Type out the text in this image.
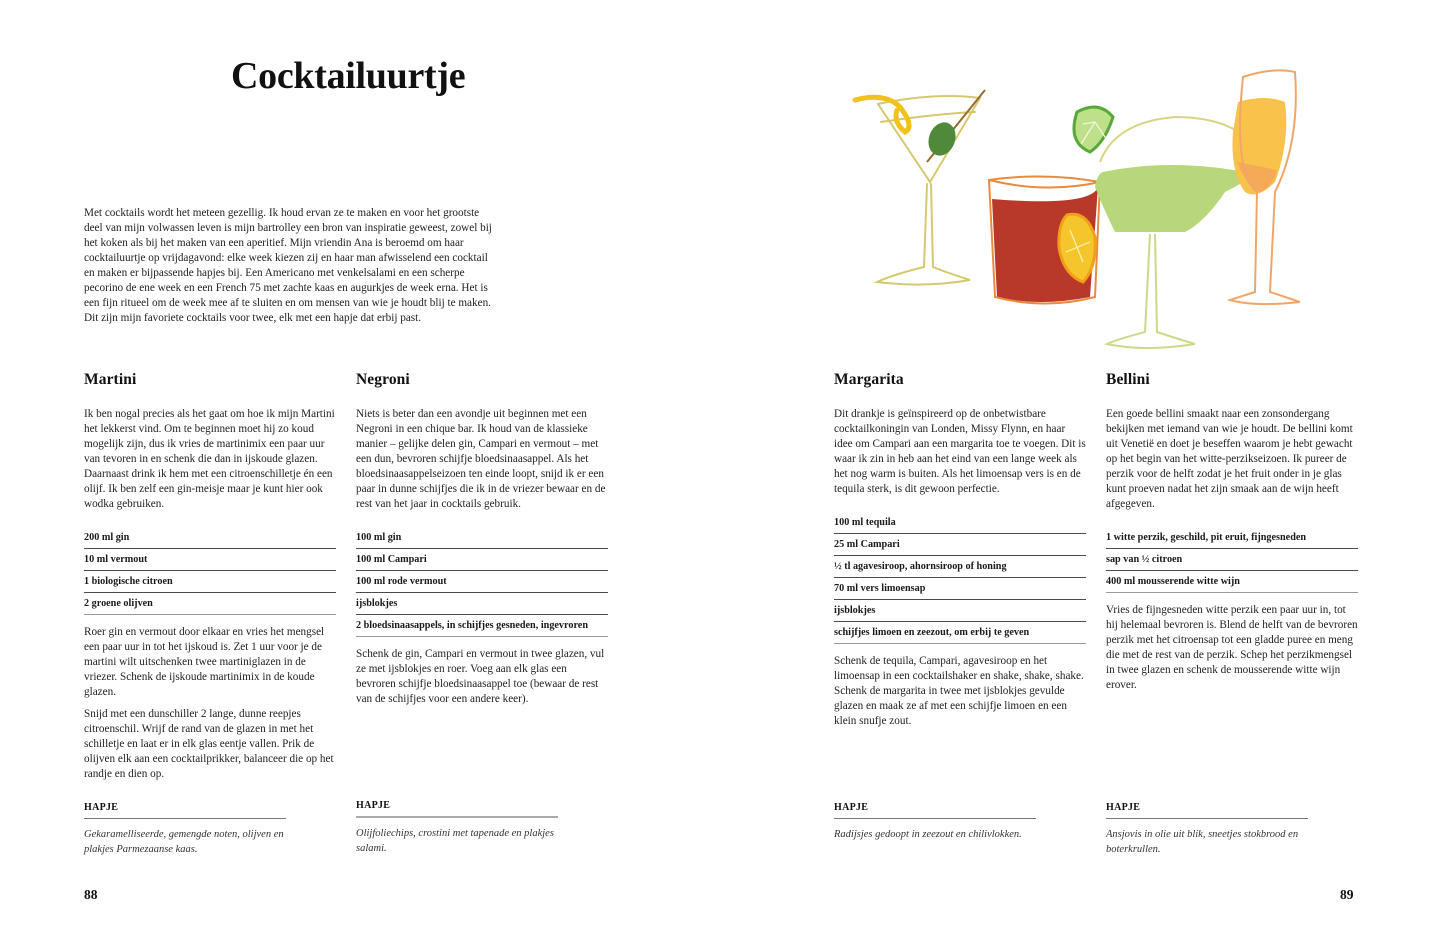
Cocktailuurtje

Met cocktails wordt het meteen gezellig. Ik houd ervan ze te maken en voor het grootste deel van mijn volwassen leven is mijn bartrolley een bron van inspiratie geweest, zowel bij het koken als bij het maken van een aperitief. Mijn vriendin Ana is beroemd om haar cocktailuurtje op vrijdagavond: elke week kiezen zij en haar man afwisselend een cocktail en maken er bijpassende hapjes bij. Een Americano met venkelsalami en een scherpe pecorino de ene week en een French 75 met zachte kaas en augurkjes de week erna. Het is een fijn ritueel om de week mee af te sluiten en om mensen van wie je houdt blij te maken. Dit zijn mijn favoriete cocktails voor twee, elk met een hapje dat erbij past.

Martini

Ik ben nogal precies als het gaat om hoe ik mijn Martini het lekkerst vind. Om te beginnen moet hij zo koud mogelijk zijn, dus ik vries de martinimix een paar uur van tevoren in en schenk die dan in ijskoude glazen. Daarnaast drink ik hem met een citroenschilletje én een olijf. Ik ben zelf een gin-meisje maar je kunt hier ook wodka gebruiken.

200 ml gin
10 ml vermout
1 biologische citroen
2 groene olijven

Roer gin en vermout door elkaar en vries het mengsel een paar uur in tot het ijskoud is. Zet 1 uur voor je de martini wilt uitschenken twee martiniglazen in de vriezer. Schenk de ijskoude martinimix in de koude glazen.

Snijd met een dunschiller 2 lange, dunne reepjes citroenschil. Wrijf de rand van de glazen in met het schilletje en laat er in elk glas eentje vallen. Prik de olijven elk aan een cocktailprikker, balanceer die op het randje en dien op.

Negroni

Niets is beter dan een avondje uit beginnen met een Negroni in een chique bar. Ik houd van de klassieke manier – gelijke delen gin, Campari en vermout – met een dun, bevroren schijfje bloedsinaasappel. Als het bloedsinaasappelseizoen ten einde loopt, snijd ik er een paar in dunne schijfjes die ik in de vriezer bewaar en de rest van het jaar in cocktails gebruik.

100 ml gin
100 ml Campari
100 ml rode vermout
ijsblokjes
2 bloedsinaasappels, in schijfjes gesneden, ingevroren

Schenk de gin, Campari en vermout in twee glazen, vul ze met ijsblokjes en roer. Voeg aan elk glas een bevroren schijfje bloedsinaasappel toe (bewaar de rest van de schijfjes voor een andere keer).

HAPJE

Gekaramelliseerde, gemengde noten, olijven en plakjes Parmezaanse kaas.

HAPJE

Olijfoliechips, crostini met tapenade en plakjes salami.

88
Margarita

Dit drankje is geïnspireerd op de onbetwistbare cocktailkoningin van Londen, Missy Flynn, en haar idee om Campari aan een margarita toe te voegen. Dit is waar ik zin in heb aan het eind van een lange week als het nog warm is buiten. Als het limoensap vers is en de tequila sterk, is dit gewoon perfectie.

100 ml tequila
25 ml Campari
½ tl agavesiroop, ahornsiroop of honing
70 ml vers limoensap
ijsblokjes
schijfjes limoen en zeezout, om erbij te geven

Schenk de tequila, Campari, agavesiroop en het limoensap in een cocktailshaker en shake, shake, shake. Schenk de margarita in twee met ijsblokjes gevulde glazen en maak ze af met een schijfje limoen en een klein snufje zout.

Bellini

Een goede bellini smaakt naar een zonsondergang bekijken met iemand van wie je houdt. De bellini komt uit Venetië en doet je beseffen waarom je hebt gewacht op het begin van het witte-perzikseizoen. Ik pureer de perzik voor de helft zodat je het fruit onder in je glas kunt proeven nadat het zijn smaak aan de wijn heeft afgegeven.

1 witte perzik, geschild, pit eruit, fijngesneden
sap van ½ citroen
400 ml mousserende witte wijn

Vries de fijngesneden witte perzik een paar uur in, tot hij helemaal bevroren is. Blend de helft van de bevroren perzik met het citroensap tot een gladde puree en meng die met de rest van de perzik. Schep het perzikmengsel in twee glazen en schenk de mousserende witte wijn erover.

HAPJE

Radijsjes gedoopt in zeezout en chilivlokken.

HAPJE

Ansjovis in olie uit blik, sneetjes stokbrood en boterkrullen.

89
